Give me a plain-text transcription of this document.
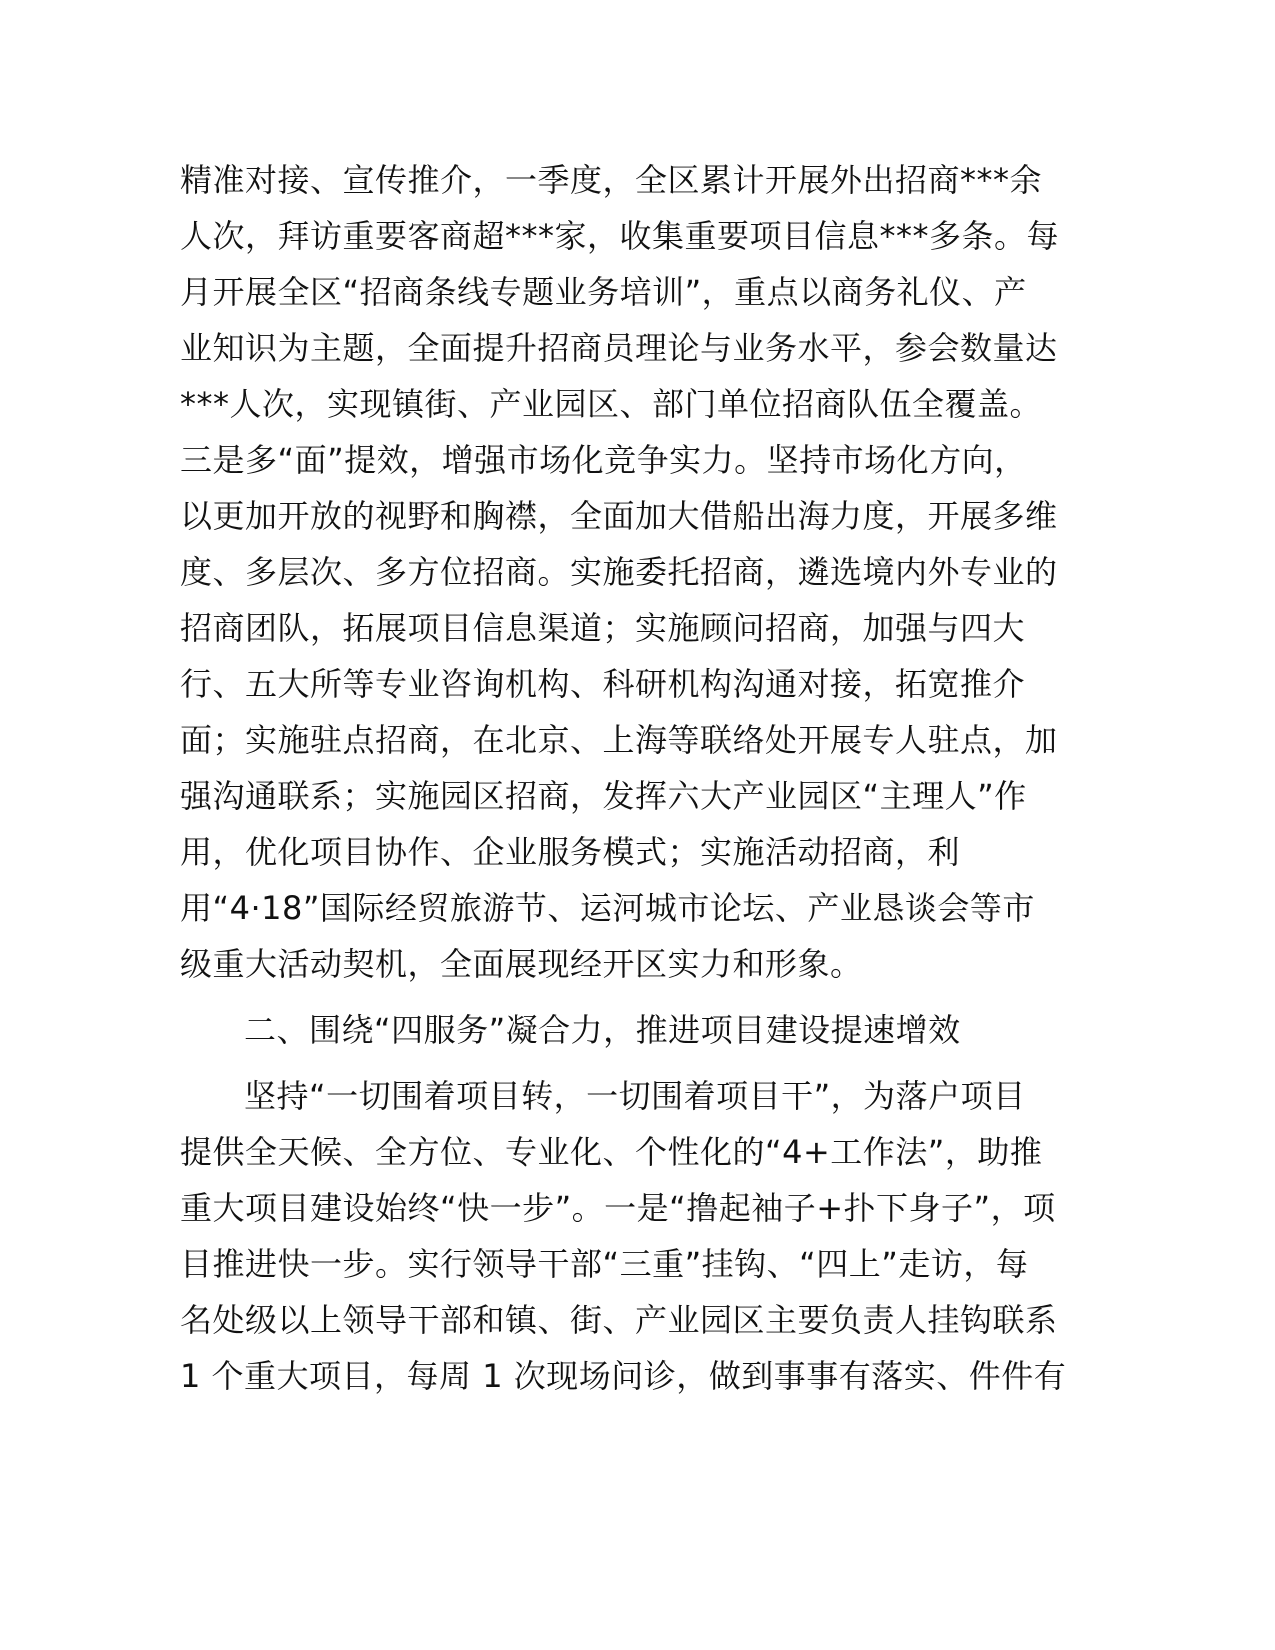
精准对接、宣传推介，一季度，全区累计开展外出招商***余
人次，拜访重要客商超***家，收集重要项目信息***多条。每
月开展全区“招商条线专题业务培训”，重点以商务礼仪、产
业知识为主题，全面提升招商员理论与业务水平，参会数量达
***人次，实现镇街、产业园区、部门单位招商队伍全覆盖。
三是多“面”提效，增强市场化竞争实力。坚持市场化方向，
以更加开放的视野和胸襟，全面加大借船出海力度，开展多维
度、多层次、多方位招商。实施委托招商，遴选境内外专业的
招商团队，拓展项目信息渠道；实施顾问招商，加强与四大
行、五大所等专业咨询机构、科研机构沟通对接，拓宽推介
面；实施驻点招商，在北京、上海等联络处开展专人驻点，加
强沟通联系；实施园区招商，发挥六大产业园区“主理人”作
用，优化项目协作、企业服务模式；实施活动招商，利
用“4·18”国际经贸旅游节、运河城市论坛、产业恳谈会等市
级重大活动契机，全面展现经开区实力和形象。
二、围绕“四服务”凝合力，推进项目建设提速增效
坚持“一切围着项目转，一切围着项目干”，为落户项目
提供全天候、全方位、专业化、个性化的“4+工作法”，助推
重大项目建设始终“快一步”。一是“撸起袖子+扑下身子”，项
目推进快一步。实行领导干部“三重”挂钩、“四上”走访，每
名处级以上领导干部和镇、街、产业园区主要负责人挂钩联系
1 个重大项目，每周 1 次现场问诊，做到事事有落实、件件有
